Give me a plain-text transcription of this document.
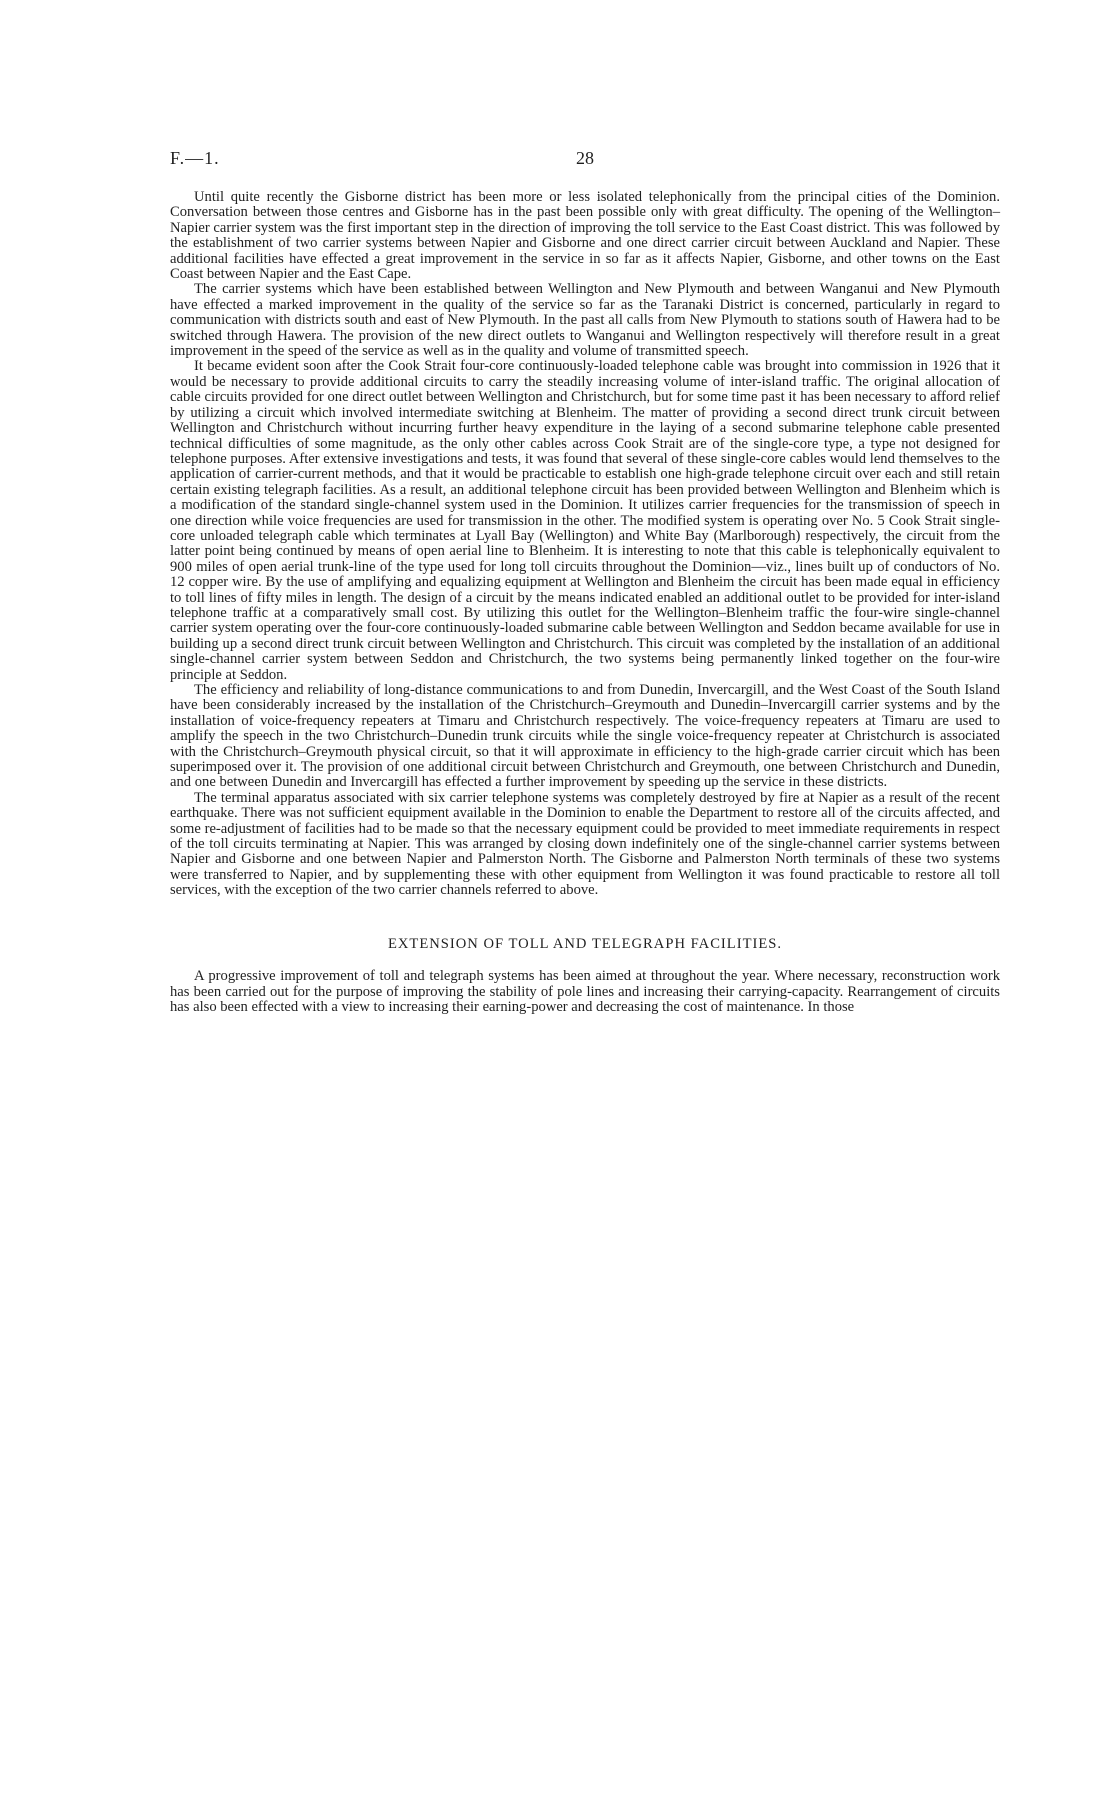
F.—1.	28

Until quite recently the Gisborne district has been more or less isolated telephonically from the principal cities of the Dominion. Conversation between those centres and Gisborne has in the past been possible only with great difficulty. The opening of the Wellington–Napier carrier system was the first important step in the direction of improving the toll service to the East Coast district. This was followed by the establishment of two carrier systems between Napier and Gisborne and one direct carrier circuit between Auckland and Napier. These additional facilities have effected a great improvement in the service in so far as it affects Napier, Gisborne, and other towns on the East Coast between Napier and the East Cape.

The carrier systems which have been established between Wellington and New Plymouth and between Wanganui and New Plymouth have effected a marked improvement in the quality of the service so far as the Taranaki District is concerned, particularly in regard to communication with districts south and east of New Plymouth. In the past all calls from New Plymouth to stations south of Hawera had to be switched through Hawera. The provision of the new direct outlets to Wanganui and Wellington respectively will therefore result in a great improvement in the speed of the service as well as in the quality and volume of transmitted speech.

It became evident soon after the Cook Strait four-core continuously-loaded telephone cable was brought into commission in 1926 that it would be necessary to provide additional circuits to carry the steadily increasing volume of inter-island traffic. The original allocation of cable circuits provided for one direct outlet between Wellington and Christchurch, but for some time past it has been necessary to afford relief by utilizing a circuit which involved intermediate switching at Blenheim. The matter of providing a second direct trunk circuit between Wellington and Christchurch without incurring further heavy expenditure in the laying of a second submarine telephone cable presented technical difficulties of some magnitude, as the only other cables across Cook Strait are of the single-core type, a type not designed for telephone purposes. After extensive investigations and tests, it was found that several of these single-core cables would lend themselves to the application of carrier-current methods, and that it would be practicable to establish one high-grade telephone circuit over each and still retain certain existing telegraph facilities. As a result, an additional telephone circuit has been provided between Wellington and Blenheim which is a modification of the standard single-channel system used in the Dominion. It utilizes carrier frequencies for the transmission of speech in one direction while voice frequencies are used for transmission in the other. The modified system is operating over No. 5 Cook Strait single-core unloaded telegraph cable which terminates at Lyall Bay (Wellington) and White Bay (Marlborough) respectively, the circuit from the latter point being continued by means of open aerial line to Blenheim. It is interesting to note that this cable is telephonically equivalent to 900 miles of open aerial trunk-line of the type used for long toll circuits throughout the Dominion—viz., lines built up of conductors of No. 12 copper wire. By the use of amplifying and equalizing equipment at Wellington and Blenheim the circuit has been made equal in efficiency to toll lines of fifty miles in length. The design of a circuit by the means indicated enabled an additional outlet to be provided for inter-island telephone traffic at a comparatively small cost. By utilizing this outlet for the Wellington–Blenheim traffic the four-wire single-channel carrier system operating over the four-core continuously-loaded submarine cable between Wellington and Seddon became available for use in building up a second direct trunk circuit between Wellington and Christchurch. This circuit was completed by the installation of an additional single-channel carrier system between Seddon and Christchurch, the two systems being permanently linked together on the four-wire principle at Seddon.

The efficiency and reliability of long-distance communications to and from Dunedin, Invercargill, and the West Coast of the South Island have been considerably increased by the installation of the Christchurch–Greymouth and Dunedin–Invercargill carrier systems and by the installation of voice-frequency repeaters at Timaru and Christchurch respectively. The voice-frequency repeaters at Timaru are used to amplify the speech in the two Christchurch–Dunedin trunk circuits while the single voice-frequency repeater at Christchurch is associated with the Christchurch–Greymouth physical circuit, so that it will approximate in efficiency to the high-grade carrier circuit which has been superimposed over it. The provision of one additional circuit between Christchurch and Greymouth, one between Christchurch and Dunedin, and one between Dunedin and Invercargill has effected a further improvement by speeding up the service in these districts.

The terminal apparatus associated with six carrier telephone systems was completely destroyed by fire at Napier as a result of the recent earthquake. There was not sufficient equipment available in the Dominion to enable the Department to restore all of the circuits affected, and some re-adjustment of facilities had to be made so that the necessary equipment could be provided to meet immediate requirements in respect of the toll circuits terminating at Napier. This was arranged by closing down indefinitely one of the single-channel carrier systems between Napier and Gisborne and one between Napier and Palmerston North. The Gisborne and Palmerston North terminals of these two systems were transferred to Napier, and by supplementing these with other equipment from Wellington it was found practicable to restore all toll services, with the exception of the two carrier channels referred to above.

EXTENSION OF TOLL AND TELEGRAPH FACILITIES.

A progressive improvement of toll and telegraph systems has been aimed at throughout the year. Where necessary, reconstruction work has been carried out for the purpose of improving the stability of pole lines and increasing their carrying-capacity. Rearrangement of circuits has also been effected with a view to increasing their earning-power and decreasing the cost of maintenance. In those
